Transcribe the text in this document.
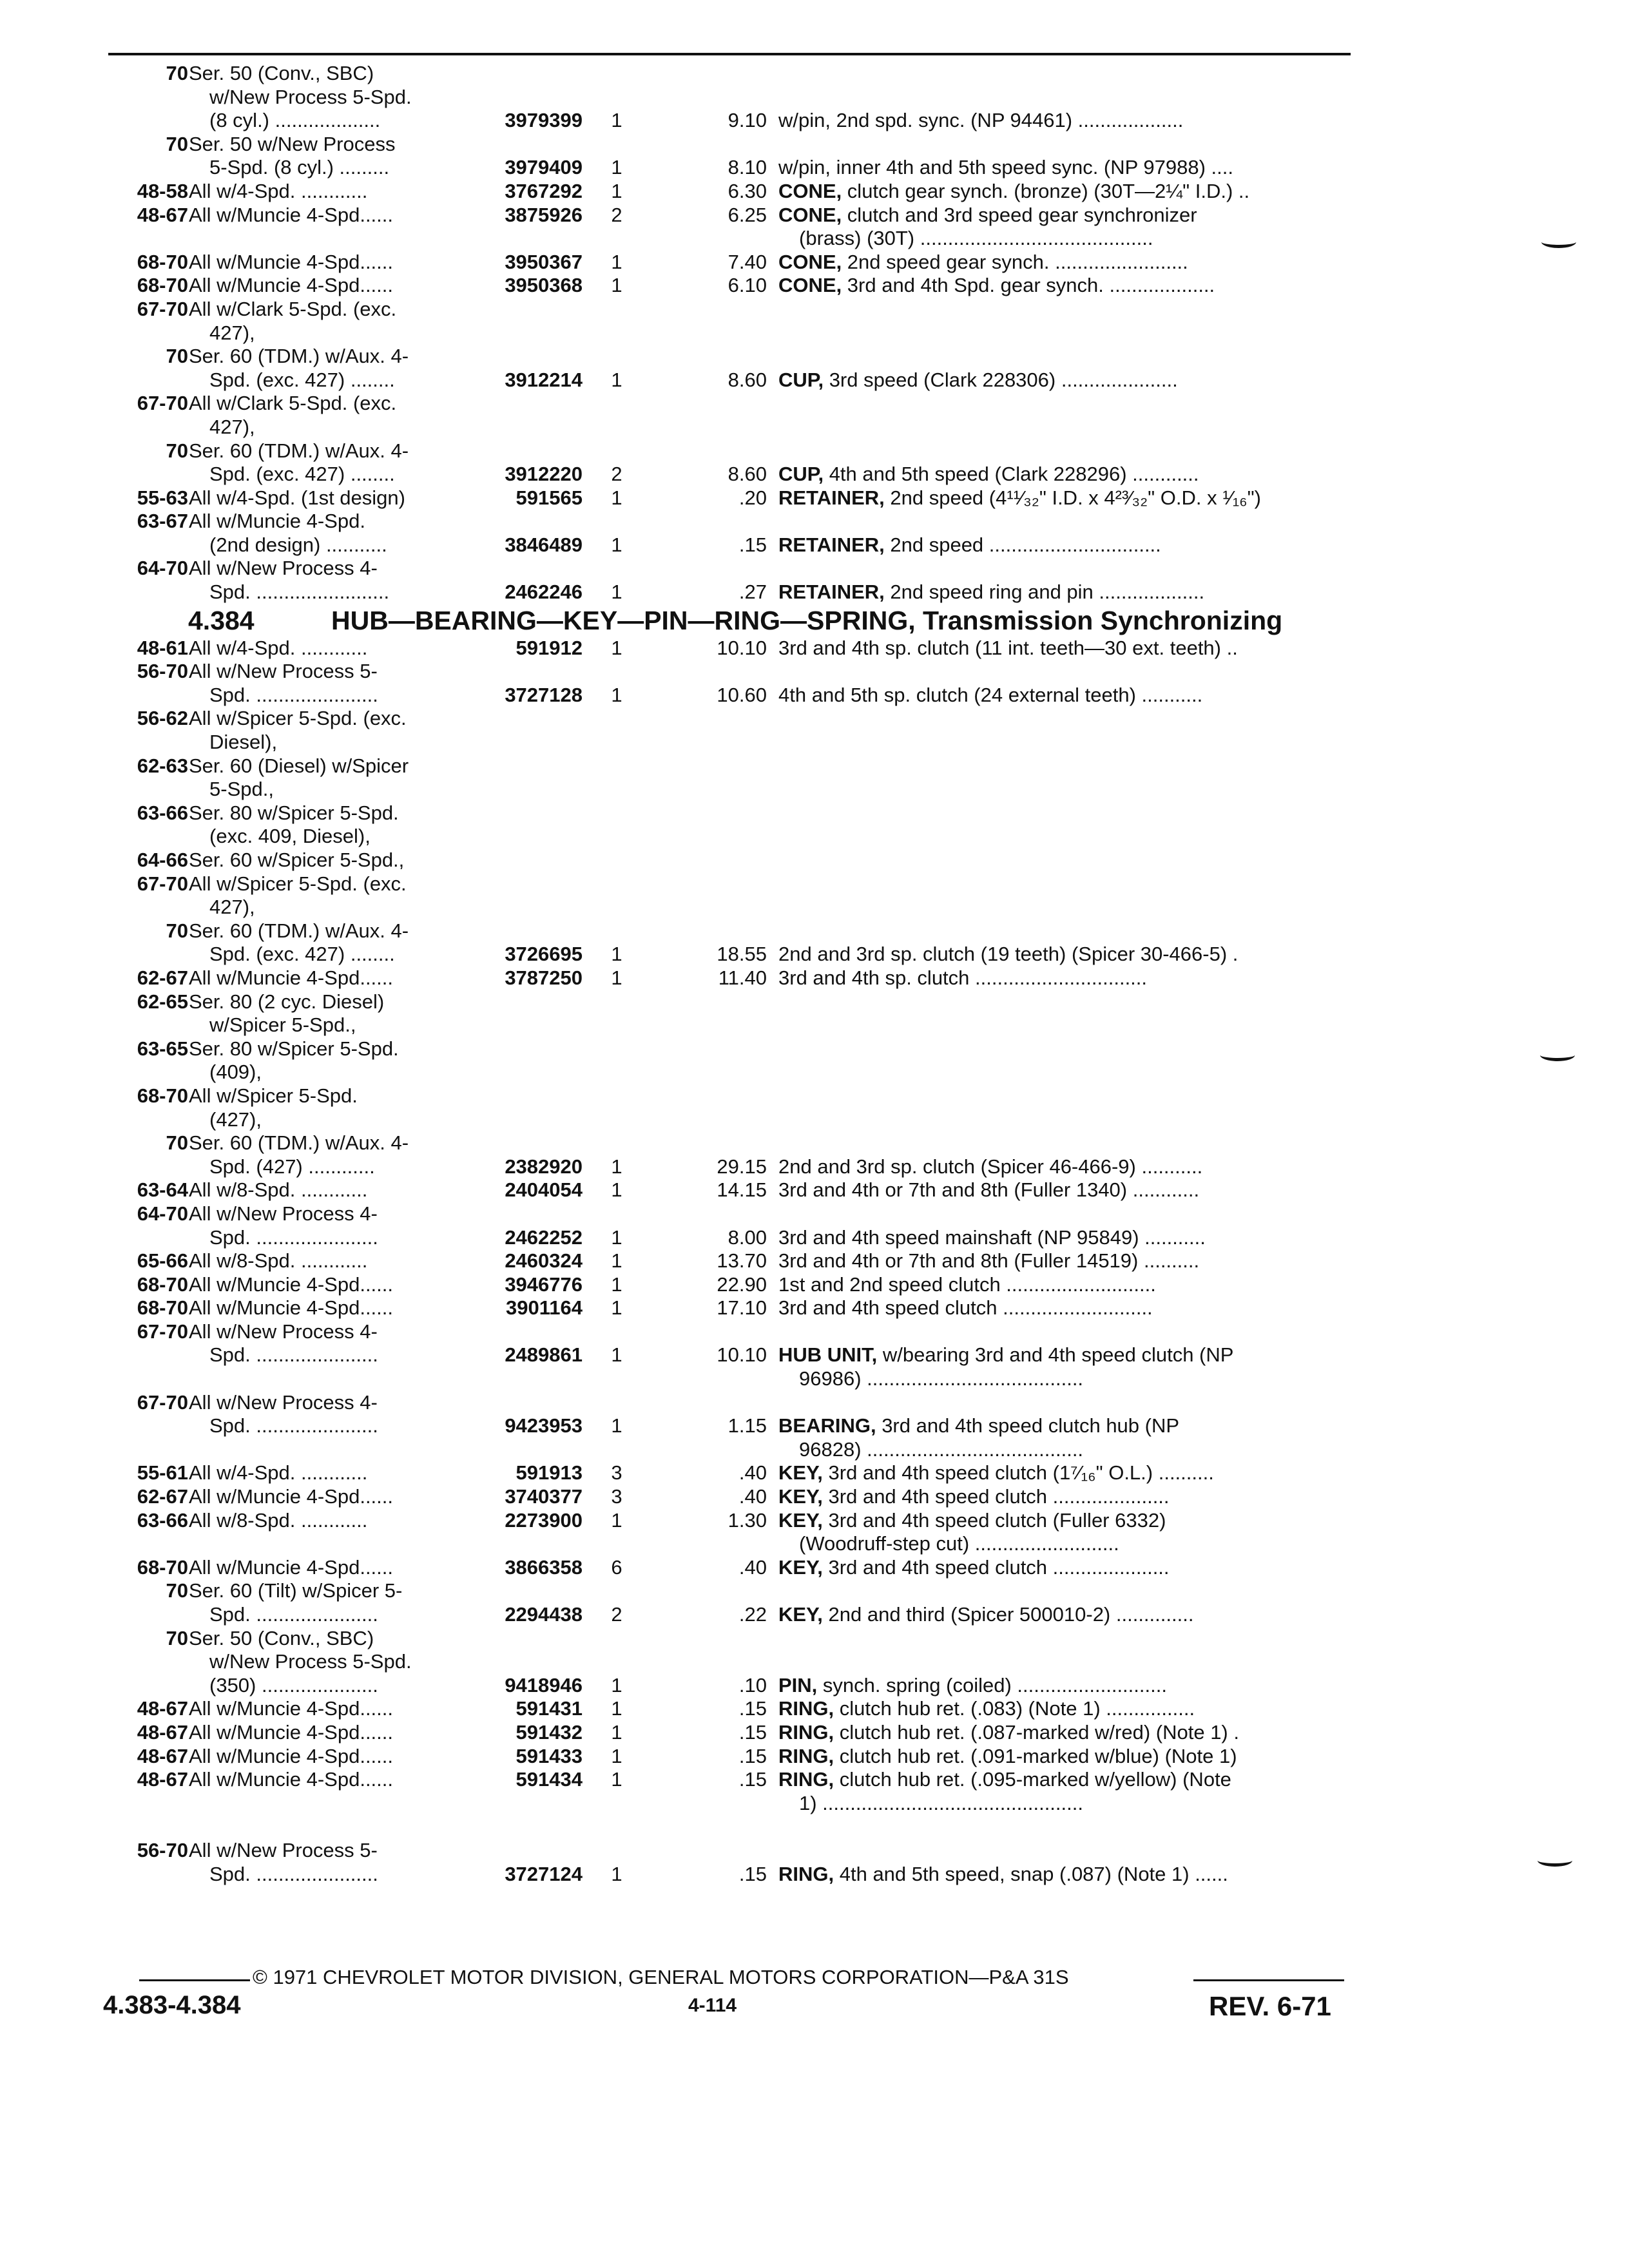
70 Ser. 50 (Conv., SBC)
w/New Process 5-Spd.
(8 cyl.) ...................	3979399	1	9.10 w/pin, 2nd spd. sync. (NP 94461) ...................
70 Ser. 50 w/New Process
5-Spd. (8 cyl.) .........	3979409	1	8.10 w/pin, inner 4th and 5th speed sync. (NP 97988) ....
48-58 All w/4-Spd. ............	3767292	1	6.30 CONE, clutch gear synch. (bronze) (30T—2¼" I.D.) ..
48-67 All w/Muncie 4-Spd......	3875926	2	6.25 CONE, clutch and 3rd speed gear synchronizer
(brass) (30T) ..........................................
68-70 All w/Muncie 4-Spd......	3950367	1	7.40 CONE, 2nd speed gear synch. ........................
68-70 All w/Muncie 4-Spd......	3950368	1	6.10 CONE, 3rd and 4th Spd. gear synch. ...................
67-70 All w/Clark 5-Spd. (exc.
427),
70 Ser. 60 (TDM.) w/Aux. 4-
Spd. (exc. 427) ........	3912214	1	8.60 CUP, 3rd speed (Clark 228306) .....................
67-70 All w/Clark 5-Spd. (exc.
427),
70 Ser. 60 (TDM.) w/Aux. 4-
Spd. (exc. 427) ........	3912220	2	8.60 CUP, 4th and 5th speed (Clark 228296) ............
55-63 All w/4-Spd. (1st design)	591565	1	.20 RETAINER, 2nd speed (4¹¹⁄₃₂" I.D. x 4²³⁄₃₂" O.D. x ¹⁄₁₆")
63-67 All w/Muncie 4-Spd.
(2nd design) ...........	3846489	1	.15 RETAINER, 2nd speed ...............................
64-70 All w/New Process 4-
Spd. ........................	2462246	1	.27 RETAINER, 2nd speed ring and pin ...................
4.384	HUB—BEARING—KEY—PIN—RING—SPRING, Transmission Synchronizing
48-61 All w/4-Spd. ............	591912	1	10.10 3rd and 4th sp. clutch (11 int. teeth—30 ext. teeth) ..
56-70 All w/New Process 5-
Spd. ......................	3727128	1	10.60 4th and 5th sp. clutch (24 external teeth) ...........
56-62 All w/Spicer 5-Spd. (exc.
Diesel),
62-63 Ser. 60 (Diesel) w/Spicer
5-Spd.,
63-66 Ser. 80 w/Spicer 5-Spd.
(exc. 409, Diesel),
64-66 Ser. 60 w/Spicer 5-Spd.,
67-70 All w/Spicer 5-Spd. (exc.
427),
70 Ser. 60 (TDM.) w/Aux. 4-
Spd. (exc. 427) ........	3726695	1	18.55 2nd and 3rd sp. clutch (19 teeth) (Spicer 30-466-5) .
62-67 All w/Muncie 4-Spd......	3787250	1	11.40 3rd and 4th sp. clutch ...............................
62-65 Ser. 80 (2 cyc. Diesel)
w/Spicer 5-Spd.,
63-65 Ser. 80 w/Spicer 5-Spd.
(409),
68-70 All w/Spicer 5-Spd.
(427),
70 Ser. 60 (TDM.) w/Aux. 4-
Spd. (427) ............	2382920	1	29.15 2nd and 3rd sp. clutch (Spicer 46-466-9) ...........
63-64 All w/8-Spd. ............	2404054	1	14.15 3rd and 4th or 7th and 8th (Fuller 1340) ............
64-70 All w/New Process 4-
Spd. ......................	2462252	1	8.00 3rd and 4th speed mainshaft (NP 95849) ...........
65-66 All w/8-Spd. ............	2460324	1	13.70 3rd and 4th or 7th and 8th (Fuller 14519) ..........
68-70 All w/Muncie 4-Spd......	3946776	1	22.90 1st and 2nd speed clutch ...........................
68-70 All w/Muncie 4-Spd......	3901164	1	17.10 3rd and 4th speed clutch ...........................
67-70 All w/New Process 4-
Spd. ......................	2489861	1	10.10 HUB UNIT, w/bearing 3rd and 4th speed clutch (NP
96986) .......................................
67-70 All w/New Process 4-
Spd. ......................	9423953	1	1.15 BEARING, 3rd and 4th speed clutch hub (NP
96828) .......................................
55-61 All w/4-Spd. ............	591913	3	.40 KEY, 3rd and 4th speed clutch (1⁷⁄₁₆" O.L.) ..........
62-67 All w/Muncie 4-Spd......	3740377	3	.40 KEY, 3rd and 4th speed clutch .....................
63-66 All w/8-Spd. ............	2273900	1	1.30 KEY, 3rd and 4th speed clutch (Fuller 6332)
(Woodruff-step cut) ..........................
68-70 All w/Muncie 4-Spd......	3866358	6	.40 KEY, 3rd and 4th speed clutch .....................
70 Ser. 60 (Tilt) w/Spicer 5-
Spd. ......................	2294438	2	.22 KEY, 2nd and third (Spicer 500010-2) ..............
70 Ser. 50 (Conv., SBC)
w/New Process 5-Spd.
(350) .....................	9418946	1	.10 PIN, synch. spring (coiled) ...........................
48-67 All w/Muncie 4-Spd......	591431	1	.15 RING, clutch hub ret. (.083) (Note 1) ................
48-67 All w/Muncie 4-Spd......	591432	1	.15 RING, clutch hub ret. (.087-marked w/red) (Note 1) .
48-67 All w/Muncie 4-Spd......	591433	1	.15 RING, clutch hub ret. (.091-marked w/blue) (Note 1)
48-67 All w/Muncie 4-Spd......	591434	1	.15 RING, clutch hub ret. (.095-marked w/yellow) (Note
1) ...............................................
56-70 All w/New Process 5-
Spd. ......................	3727124	1	.15 RING, 4th and 5th speed, snap (.087) (Note 1) ......
© 1971 CHEVROLET MOTOR DIVISION, GENERAL MOTORS CORPORATION—P&A 31S
4.383-4.384	4-114	REV. 6-71
